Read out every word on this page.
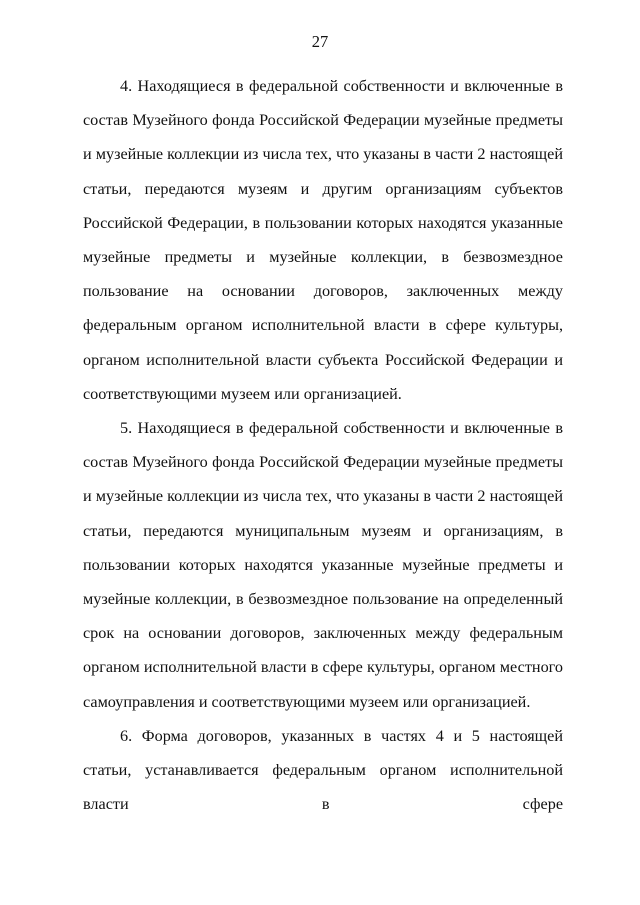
27

4. Находящиеся в федеральной собственности и включенные в состав Музейного фонда Российской Федерации музейные предметы и музейные коллекции из числа тех, что указаны в части 2 настоящей статьи, передаются музеям и другим организациям субъектов Российской Федерации, в пользовании которых находятся указанные музейные предметы и музейные коллекции, в безвозмездное пользование на основании договоров, заключенных между федеральным органом исполнительной власти в сфере культуры, органом исполнительной власти субъекта Российской Федерации и соответствующими музеем или организацией.

5. Находящиеся в федеральной собственности и включенные в состав Музейного фонда Российской Федерации музейные предметы и музейные коллекции из числа тех, что указаны в части 2 настоящей статьи, передаются муниципальным музеям и организациям, в пользовании которых находятся указанные музейные предметы и музейные коллекции, в безвозмездное пользование на определенный срок на основании договоров, заключенных между федеральным органом исполнительной власти в сфере культуры, органом местного самоуправления и соответствующими музеем или организацией.

6. Форма договоров, указанных в частях 4 и 5 настоящей статьи, устанавливается федеральным органом исполнительной власти в сфере
